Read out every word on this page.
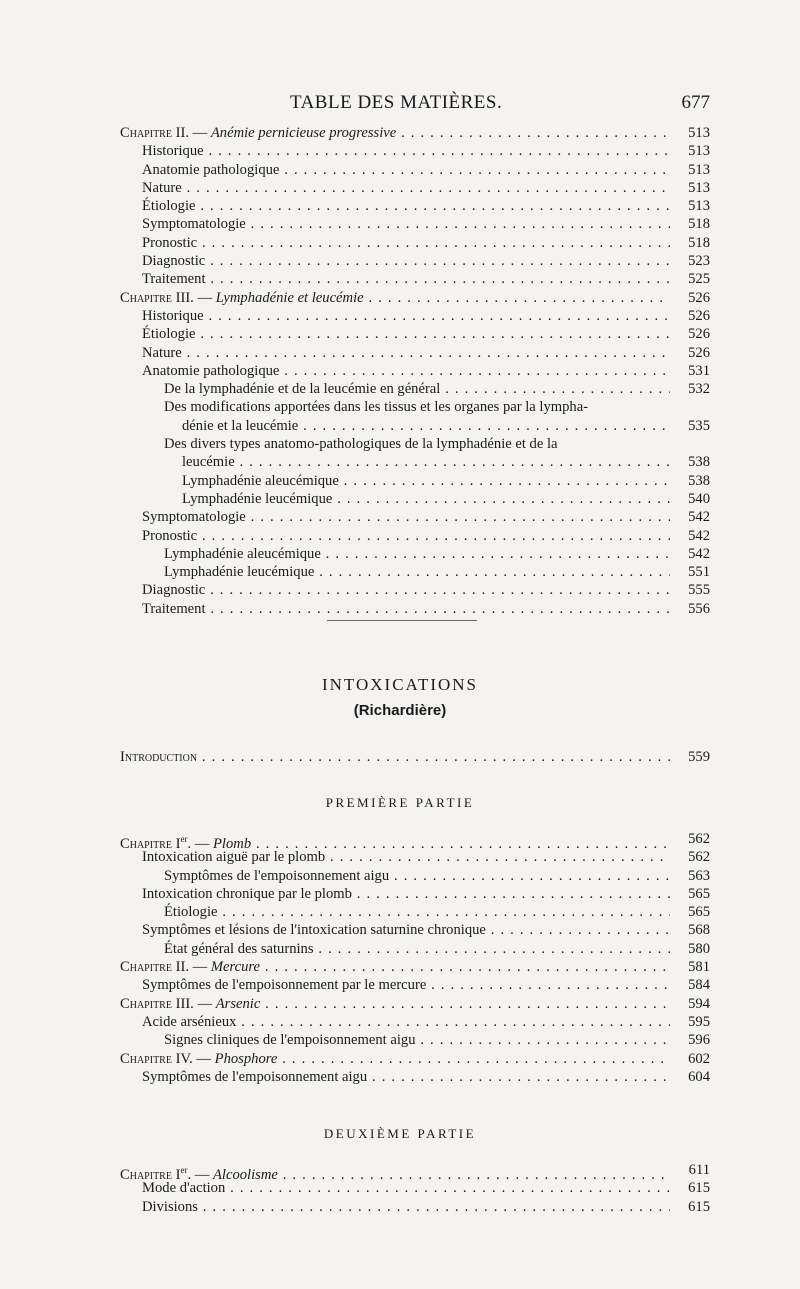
TABLE DES MATIÈRES.	677
Chapitre II. — Anémie pernicieuse progressive . . .	513
Historique . . .	513
Anatomie pathologique . . .	513
Nature . . .	513
Étiologie . . .	513
Symptomatologie . . .	518
Pronostic . . .	518
Diagnostic . . .	523
Traitement . . .	525
Chapitre III. — Lymphadénie et leucémie . . .	526
Historique . . .	526
Étiologie . . .	526
Nature . . .	526
Anatomie pathologique . . .	531
De la lymphadénie et de la leucémie en général . . .	532
Des modifications apportées dans les tissus et les organes par la lympha-
dénie et la leucémie . . .	535
Des divers types anatomo-pathologiques de la lymphadénie et de la
leucémie . . .	538
Lymphadénie aleucémique . . .	538
Lymphadénie leucémique . . .	540
Symptomatologie . . .	542
Pronostic . . .	542
Lymphadénie aleucémique . . .	542
Lymphadénie leucémique . . .	551
Diagnostic . . .	555
Traitement . . .	556
INTOXICATIONS
(Richardière)
Introduction . . .	559
PREMIÈRE PARTIE
Chapitre Ier. — Plomb . . .	562
Intoxication aiguë par le plomb . . .	562
Symptômes de l'empoisonnement aigu . . .	563
Intoxication chronique par le plomb . . .	565
Étiologie . . .	565
Symptômes et lésions de l'intoxication saturnine chronique . . .	568
État général des saturnins . . .	580
Chapitre II. — Mercure . . .	581
Symptômes de l'empoisonnement par le mercure . . .	584
Chapitre III. — Arsenic . . .	594
Acide arsénieux . . .	595
Signes cliniques de l'empoisonnement aigu . . .	596
Chapitre IV. — Phosphore . . .	602
Symptômes de l'empoisonnement aigu . . .	604
DEUXIÈME PARTIE
Chapitre Ier. — Alcoolisme . . .	611
Mode d'action . . .	615
Divisions . . .	615
